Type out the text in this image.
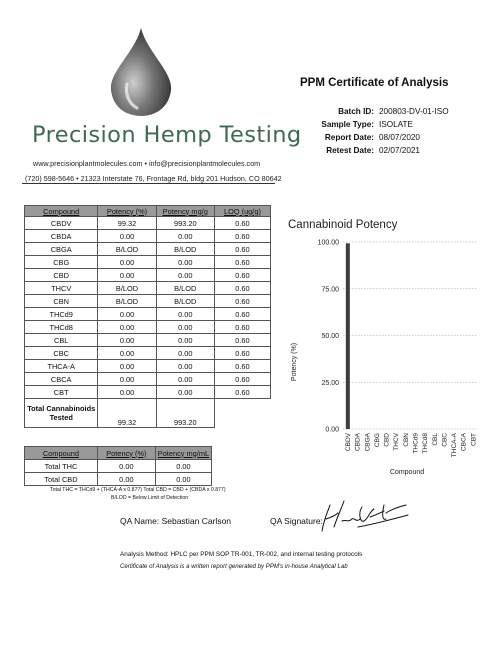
Precision Hemp Testing
www.precisionplantmolecules.com • info@precisionplantmolecules.com
(720) 598-5646 • 21323 Interstate 76, Frontage Rd, bldg 201 Hudson, CO 80642
PPM Certificate of Analysis
Batch ID: 200803-DV-01-ISO
Sample Type: ISOLATE
Report Date: 08/07/2020
Retest Date: 02/07/2021
Compound	Potency (%)	Potency mg/g	LOQ (ug/g)
CBDV	99.32	993.20	0.60
CBDA	0.00	0.00	0.60
CBGA	B/LOD	B/LOD	0.60
CBG	0.00	0.00	0.60
CBD	0.00	0.00	0.60
THCV	B/LOD	B/LOD	0.60
CBN	B/LOD	B/LOD	0.60
THCd9	0.00	0.00	0.60
THCd8	0.00	0.00	0.60
CBL	0.00	0.00	0.60
CBC	0.00	0.00	0.60
THCA-A	0.00	0.00	0.60
CBCA	0.00	0.00	0.60
CBT	0.00	0.00	0.60
Total Cannabinoids Tested	99.32	993.20	
Compound	Potency (%)	Potency mg/mL
Total THC	0.00	0.00
Total CBD	0.00	0.00
Total THC = THCd9 + (THCA-A x 0.877) Total CBD = CBD + (CBDA x 0.877)
B/LOD = Below Limit of Detection
Cannabinoid Potency
Potency (%)
Compound
0.00
25.00
50.00
75.00
100.00
CBDV CBDA CBGA CBG CBD THCV CBN THCd9 THCd8 CBL CBC THCA-A CBCA CBT
QA Name: Sebastian Carlson	QA Signature:
Analysis Method: HPLC per PPM SOP TR-001, TR-002, and internal testing protocols
Certificate of Analysis is a written report generated by PPM's in-house Analytical Lab
